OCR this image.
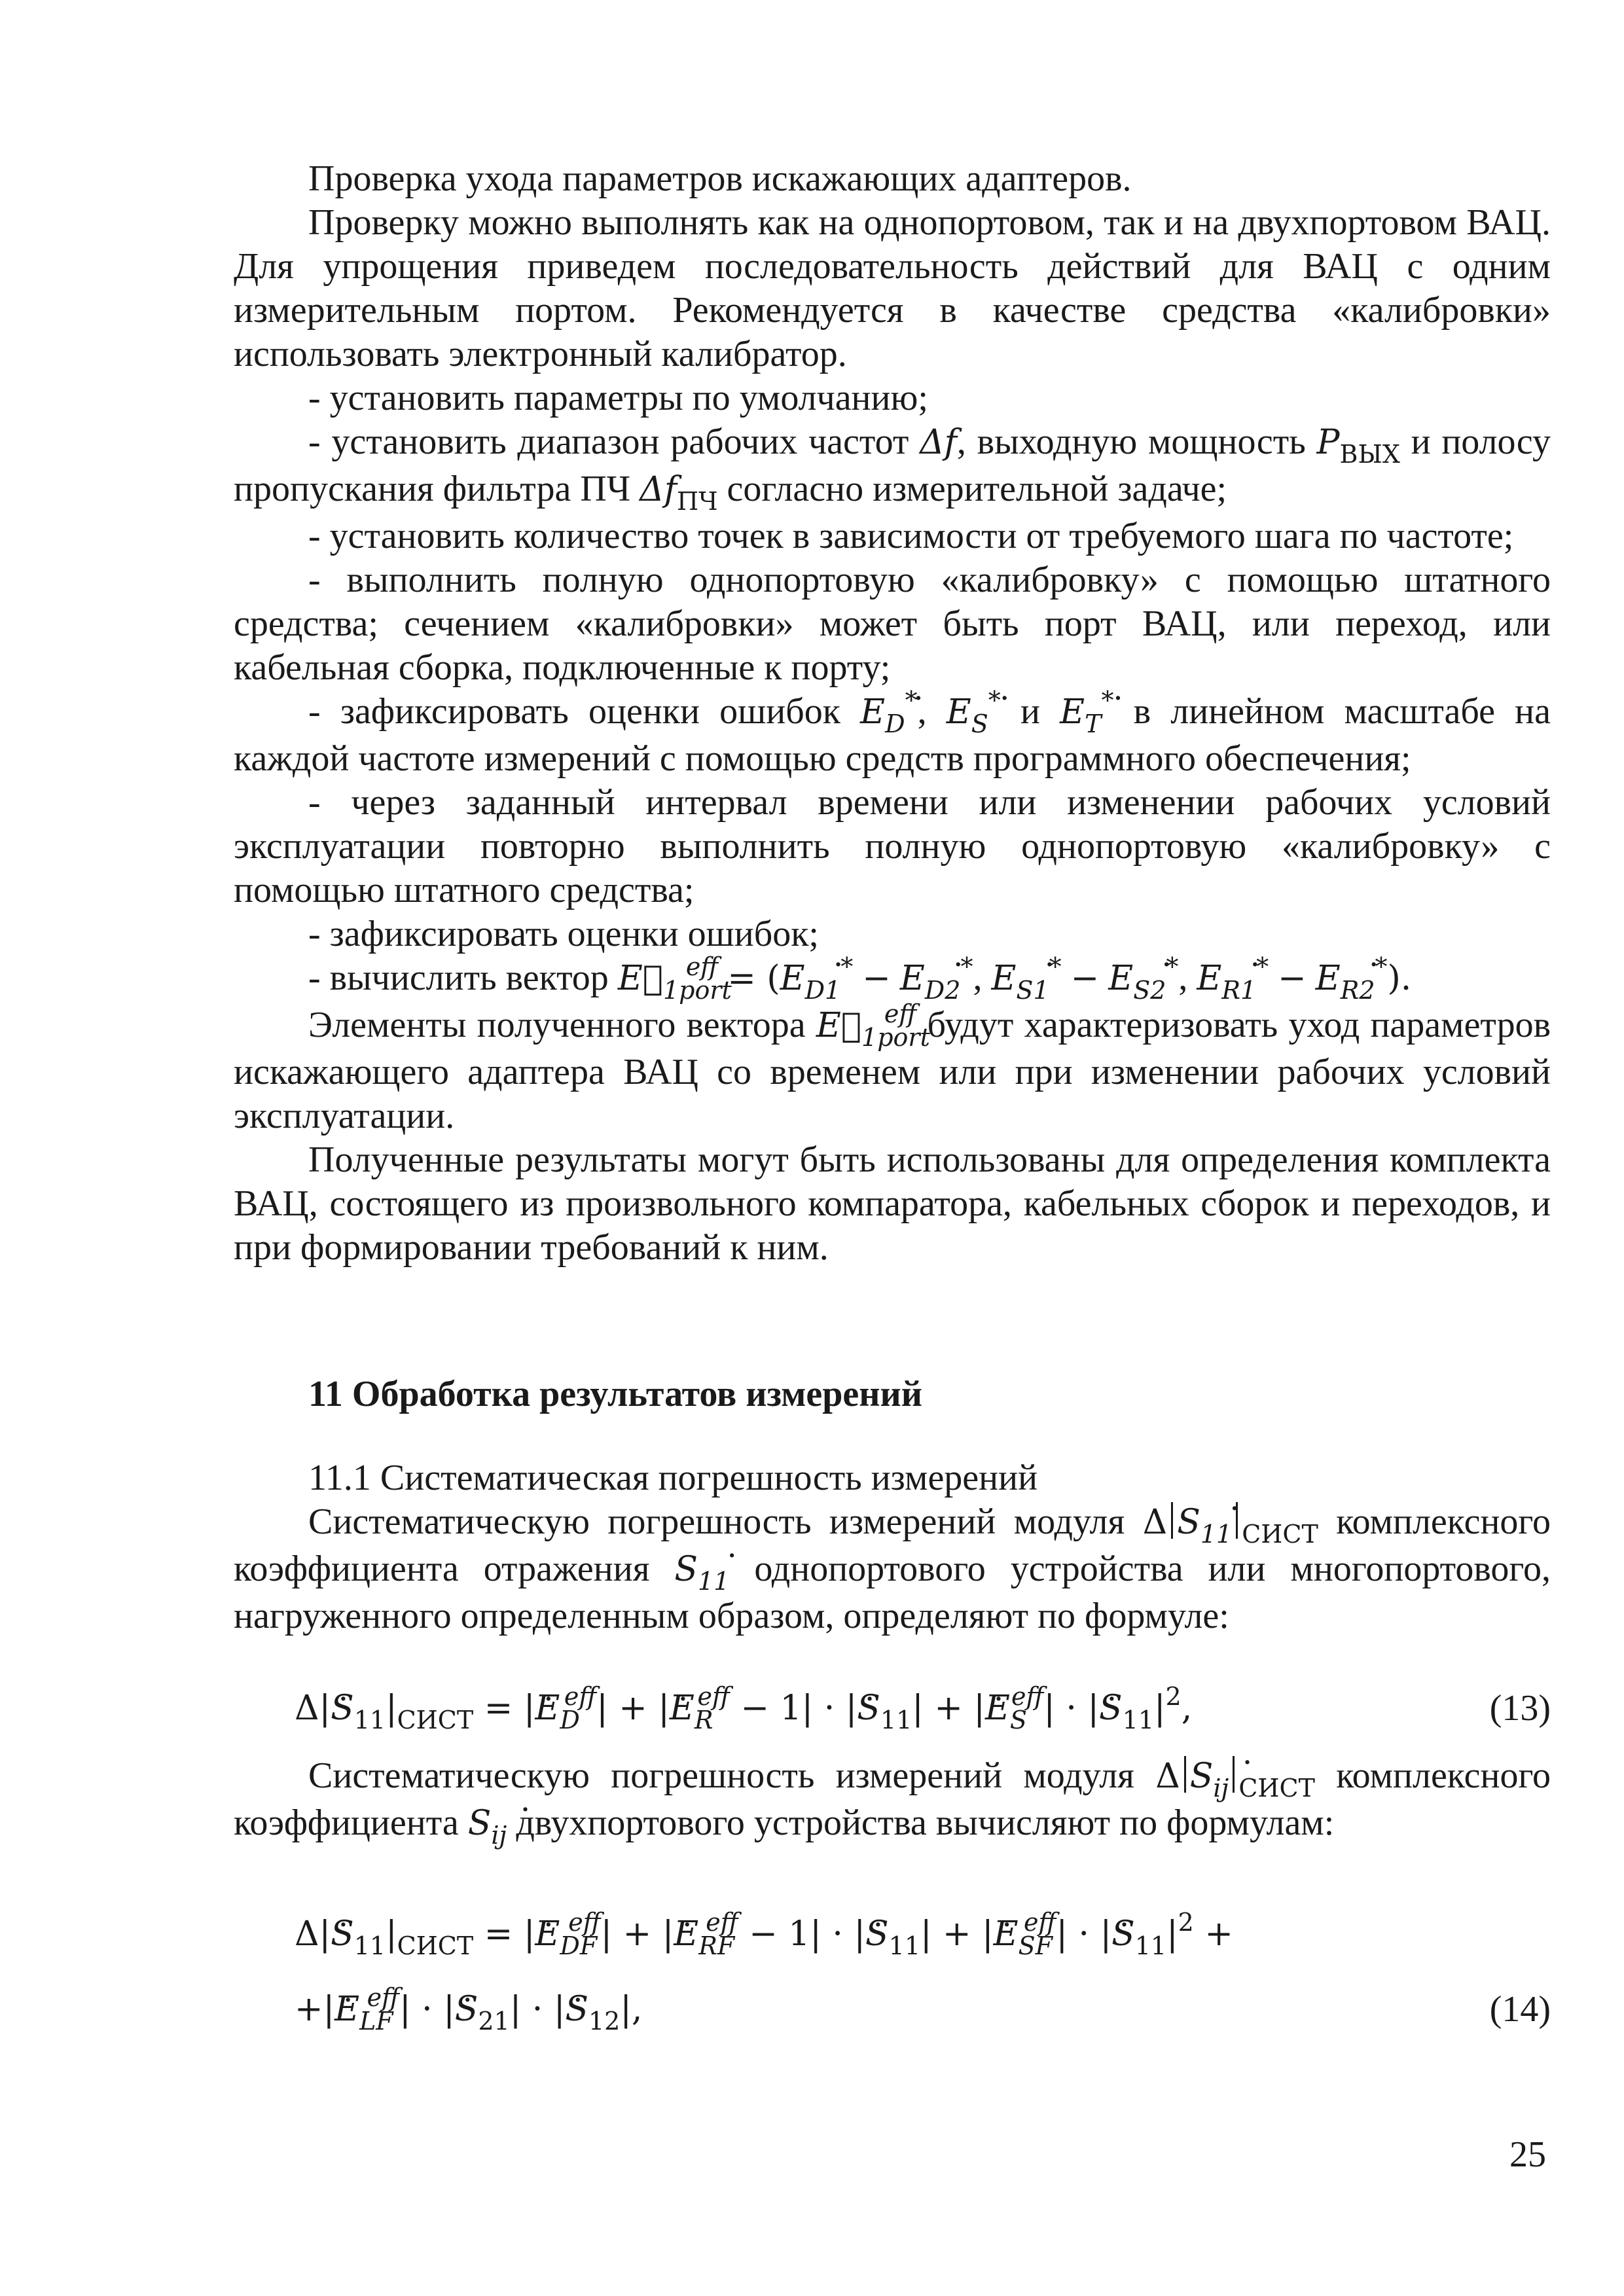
Проверка ухода параметров искажающих адаптеров.

Проверку можно выполнять как на однопортовом, так и на двухпортовом ВАЦ. Для упрощения приведем последовательность действий для ВАЦ с одним измерительным портом. Рекомендуется в качестве средства «калибровки» использовать электронный калибратор.

- установить параметры по умолчанию;

- установить диапазон рабочих частот Δf, выходную мощность $P_{ВЫХ}$ и полосу пропускания фильтра ПЧ $\Delta f_{ПЧ}$ согласно измерительной задаче;

- установить количество точек в зависимости от требуемого шага по частоте;

- выполнить полную однопортовую «калибровку» с помощью штатного средства; сечением «калибровки» может быть порт ВАЦ, или переход, или кабельная сборка, подключенные к порту;

- зафиксировать оценки ошибок . $E_D^*$, . $E_S^*$ и . $E_T^*$ в линейном масштабе на каждой частоте измерений с помощью средств программного обеспечения;

- через заданный интервал времени или изменении рабочих условий эксплуатации повторно выполнить полную однопортовую «калибровку» с помощью штатного средства;

- зафиксировать оценки ошибок;

- вычислить вектор $E⃗_{1port}^{eff}$ = (. $E_{D1}^*$ − . $E_{D2}^*$, . $E_{S1}^*$ − . $E_{S2}^*$, . $E_{R1}^*$ − . $E_{R2}^*$).

Элементы полученного вектора $E⃗_{1port}^{eff}$ будут характеризовать уход параметров искажающего адаптера ВАЦ со временем или при изменении рабочих условий эксплуатации.

Полученные результаты могут быть использованы для определения комплекта ВАЦ, состоящего из произвольного компаратора, кабельных сборок и переходов, и при формировании требований к ним.

11 Обработка результатов измерений

11.1 Систематическая погрешность измерений

Систематическую погрешность измерений модуля Δ . $S_{11}$ $_{СИСТ}$ комплексного коэффициента отражения . $S_{11}$ однопортового устройства или многопортового, нагруженного определенным образом, определяют по формуле:

Δ|. $S_{11}|_{СИСТ}$ = |. $E_D^{eff}|$ + |. $E_R^{eff} - 1|$ · |. $S_{11}|$ + |. $E_S^{eff}|$ · |. $S_{11}|^2$,	(13)

Систематическую погрешность измерений модуля Δ . $S_{ij}$ $_{СИСТ}$ комплексного коэффициента . $S_{ij}$ двухпортового устройства вычисляют по формулам:

Δ|. $S_{11}|_{СИСТ}$ = |. $E_{DF}^{eff}|$ + |. $E_{RF}^{eff} - 1|$ · |. $S_{11}|$ + |. $E_{SF}^{eff}|$ · |. $S_{11}|^2$ +
+|. $E_{LF}^{eff}|$ · |. $S_{21}|$ · |. $S_{12}|$,	(14)
25
